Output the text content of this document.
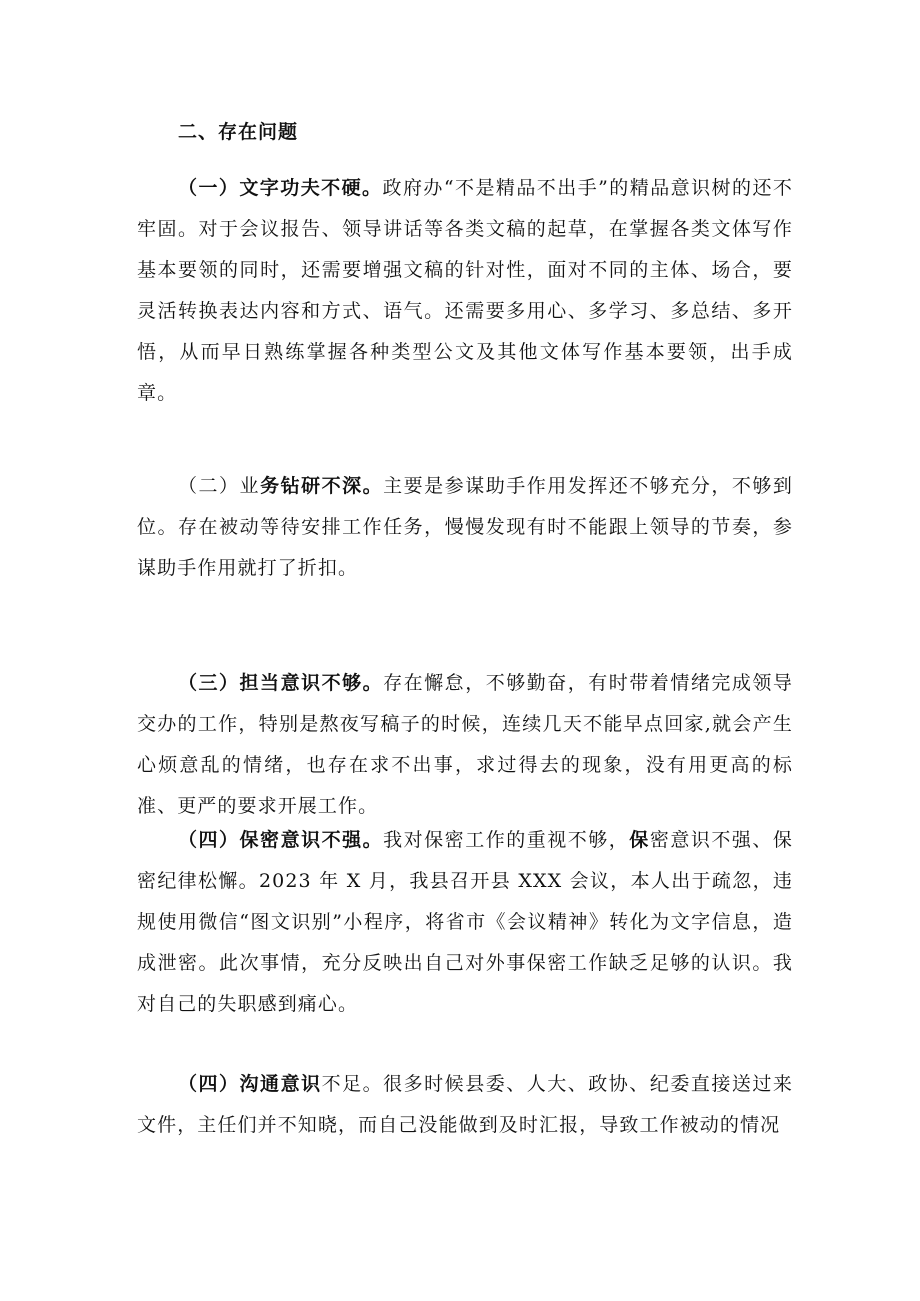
二、存在问题

（一）文字功夫不硬。政府办“不是精品不出手”的精品意识树的还不牢固。对于会议报告、领导讲话等各类文稿的起草，在掌握各类文体写作基本要领的同时，还需要增强文稿的针对性，面对不同的主体、场合，要灵活转换表达内容和方式、语气。还需要多用心、多学习、多总结、多开悟，从而早日熟练掌握各种类型公文及其他文体写作基本要领，出手成章。

（二）业务钻研不深。主要是参谋助手作用发挥还不够充分，不够到位。存在被动等待安排工作任务，慢慢发现有时不能跟上领导的节奏，参谋助手作用就打了折扣。

（三）担当意识不够。存在懈怠，不够勤奋，有时带着情绪完成领导交办的工作，特别是熬夜写稿子的时候，连续几天不能早点回家,就会产生心烦意乱的情绪，也存在求不出事，求过得去的现象，没有用更高的标准、更严的要求开展工作。

（四）保密意识不强。我对保密工作的重视不够，保密意识不强、保密纪律松懈。2023 年 X 月，我县召开县 XXX 会议，本人出于疏忽，违规使用微信“图文识别”小程序，将省市《会议精神》转化为文字信息，造成泄密。此次事情，充分反映出自己对外事保密工作缺乏足够的认识。我对自己的失职感到痛心。

（四）沟通意识不足。很多时候县委、人大、政协、纪委直接送过来文件，主任们并不知晓，而自己没能做到及时汇报，导致工作被动的情况
